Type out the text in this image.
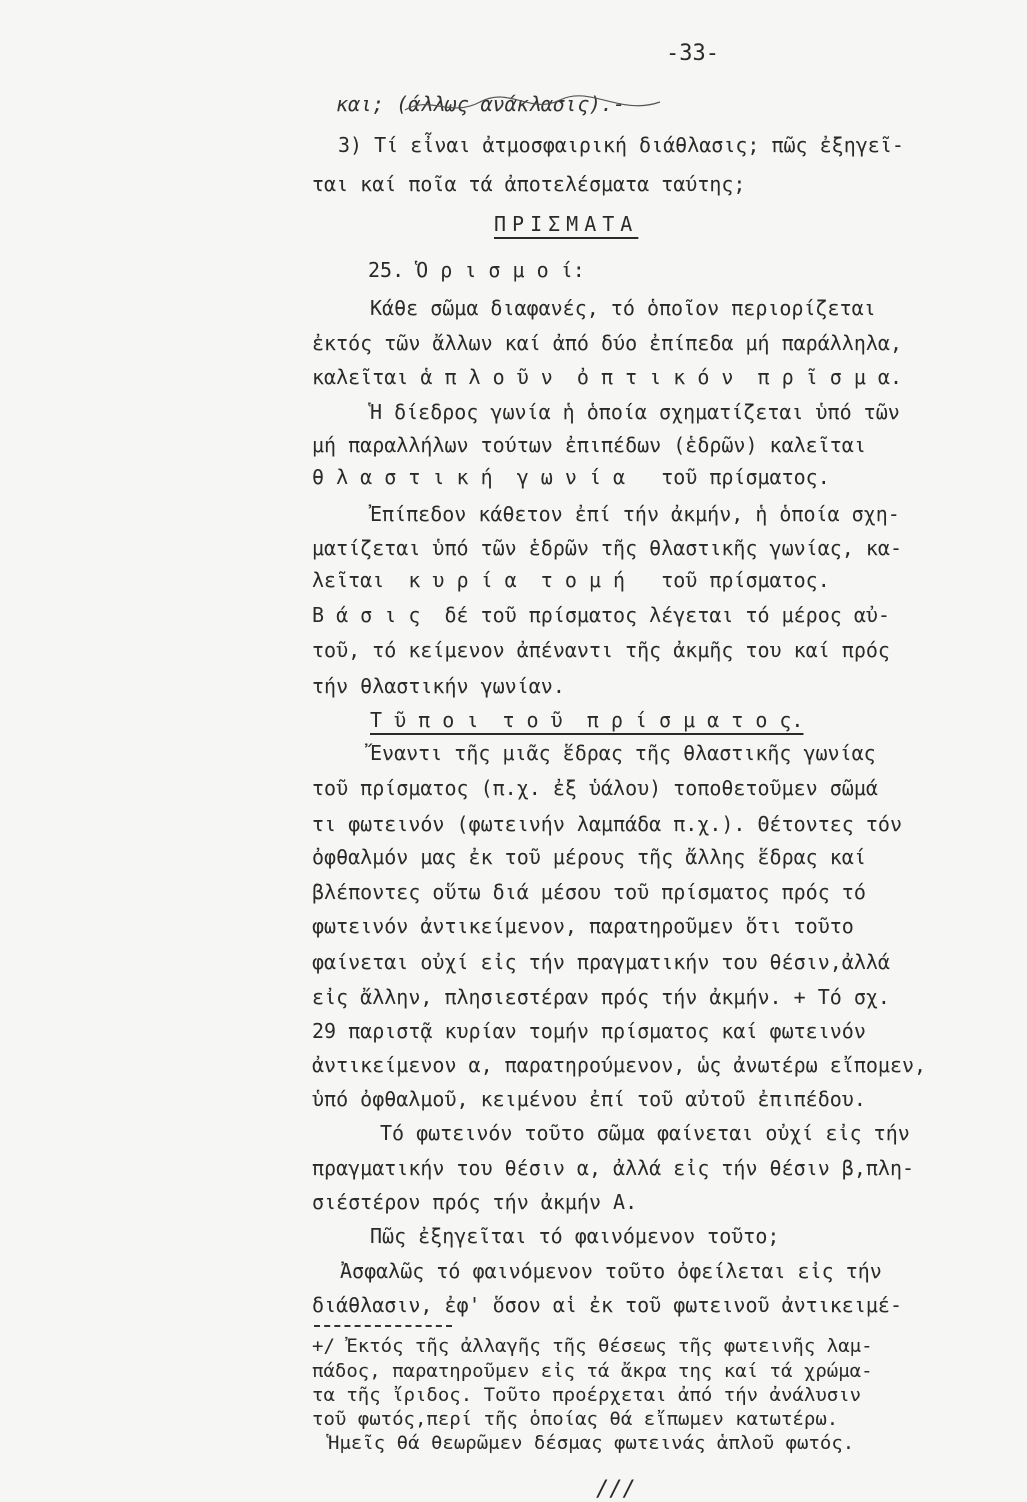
-33-
και; (άλλως ανάκλασις).-
3) Τί εἶναι ἀτμοσφαιρική διάθλασις; πῶς ἐξηγεῖ-
ται καί ποῖα τά ἀποτελέσματα ταύτης;
ΠΡΙΣΜΑΤΑ
25. Ὁ ρ ι σ μ ο ί:
Κάθε σῶμα διαφανές, τό ὁποῖον περιορίζεται
ἐκτός τῶν ἄλλων καί ἀπό δύο ἐπίπεδα μή παράλληλα,
καλεῖται ἁ π λ ο ῦ ν  ὀ π τ ι κ ό ν  π ρ ῖ σ μ α.
Ἡ δίεδρος γωνία ἡ ὁποία σχηματίζεται ὑπό τῶν
μή παραλλήλων τούτων ἐπιπέδων (ἑδρῶν) καλεῖται
θ λ α σ τ ι κ ή  γ ω ν ί α   τοῦ πρίσματος.
Ἐπίπεδον κάθετον ἐπί τήν ἀκμήν, ἡ ὁποία σχη-
ματίζεται ὑπό τῶν ἑδρῶν τῆς θλαστικῆς γωνίας, κα-
λεῖται  κ υ ρ ί α  τ ο μ ή   τοῦ πρίσματος.
Β ά σ ι ς  δέ τοῦ πρίσματος λέγεται τό μέρος αὐ-
τοῦ, τό κείμενον ἀπέναντι τῆς ἀκμῆς του καί πρός
τήν θλαστικήν γωνίαν.
Τ ῦ π ο ι  τ ο ῦ  π ρ ί σ μ α τ ο ς.
Ἔναντι τῆς μιᾶς ἕδρας τῆς θλαστικῆς γωνίας
τοῦ πρίσματος (π.χ. ἐξ ὑάλου) τοποθετοῦμεν σῶμά
τι φωτεινόν (φωτεινήν λαμπάδα π.χ.). Θέτοντες τόν
ὀφθαλμόν μας ἐκ τοῦ μέρους τῆς ἄλλης ἕδρας καί
βλέποντες οὕτω διά μέσου τοῦ πρίσματος πρός τό
φωτεινόν ἀντικείμενον, παρατηροῦμεν ὅτι τοῦτο
φαίνεται οὐχί εἰς τήν πραγματικήν του θέσιν,ἀλλά
εἰς ἄλλην, πλησιεστέραν πρός τήν ἀκμήν. + Τό σχ.
29 παριστᾷ κυρίαν τομήν πρίσματος καί φωτεινόν
ἀντικείμενον α, παρατηρούμενον, ὡς ἀνωτέρω εἴπομεν,
ὑπό ὀφθαλμοῦ, κειμένου ἐπί τοῦ αὐτοῦ ἐπιπέδου.
Τό φωτεινόν τοῦτο σῶμα φαίνεται οὐχί εἰς τήν
πραγματικήν του θέσιν α, ἀλλά εἰς τήν θέσιν β,πλη-
σιέστέρον πρός τήν ἀκμήν Α.
Πῶς ἐξηγεῖται τό φαινόμενον τοῦτο;
Ἀσφαλῶς τό φαινόμενον τοῦτο ὀφείλεται εἰς τήν
διάθλασιν, ἐφ' ὅσον αἱ ἐκ τοῦ φωτεινοῦ ἀντικειμέ-
+/ Ἐκτός τῆς ἀλλαγῆς τῆς θέσεως τῆς φωτεινῆς λαμ-
πάδος, παρατηροῦμεν εἰς τά ἄκρα της καί τά χρώμα-
τα τῆς ἴριδος. Τοῦτο προέρχεται ἀπό τήν ἀνάλυσιν
τοῦ φωτός,περί τῆς ὁποίας θά εἴπωμεν κατωτέρω.
Ἡμεῖς θά θεωρῶμεν δέσμας φωτεινάς ἁπλοῦ φωτός.
///
